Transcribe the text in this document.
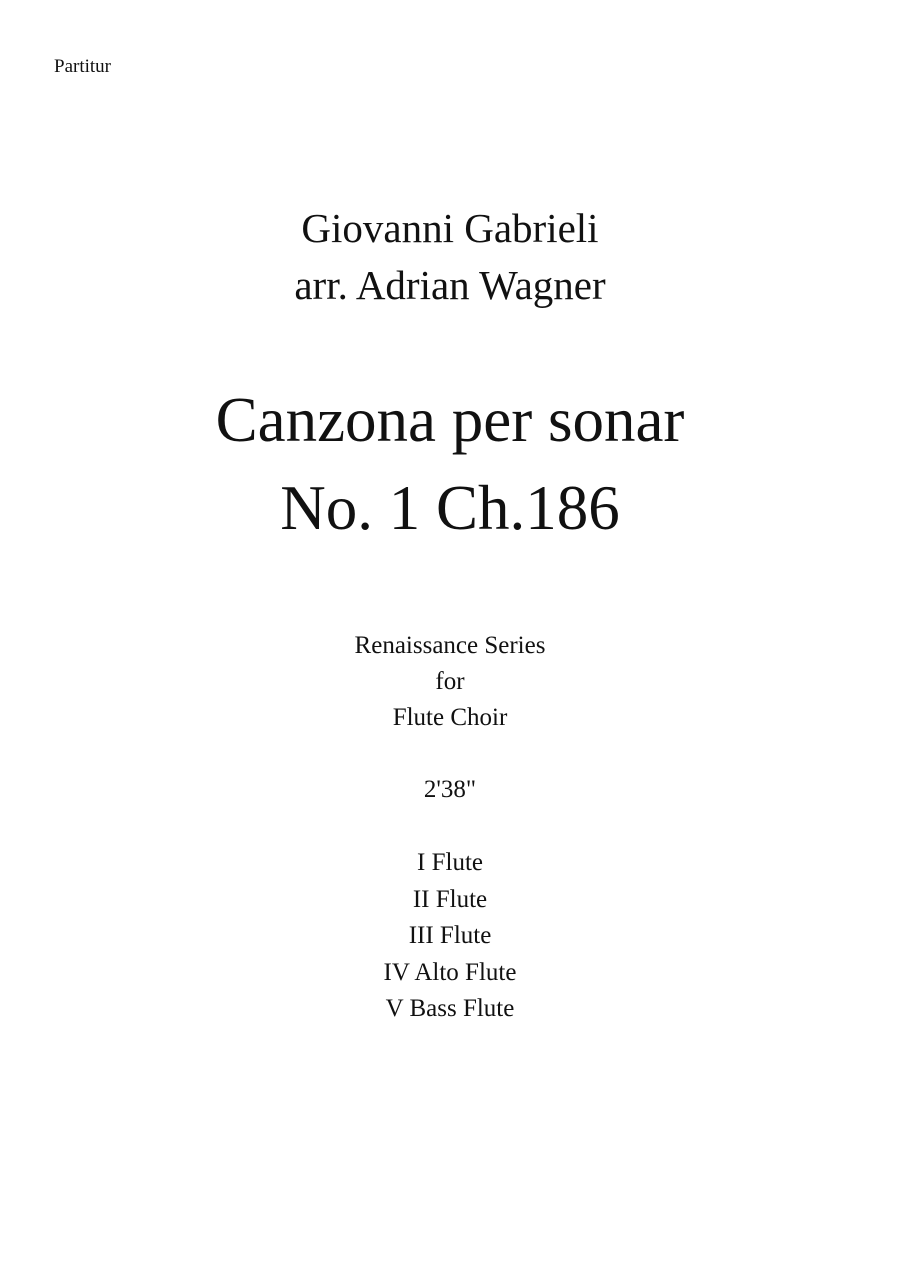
Partitur
Giovanni Gabrieli
arr. Adrian Wagner
Canzona per sonar
No. 1 Ch.186
Renaissance Series
for
Flute Choir
2'38"
I Flute
II Flute
III Flute
IV Alto Flute
V Bass Flute
